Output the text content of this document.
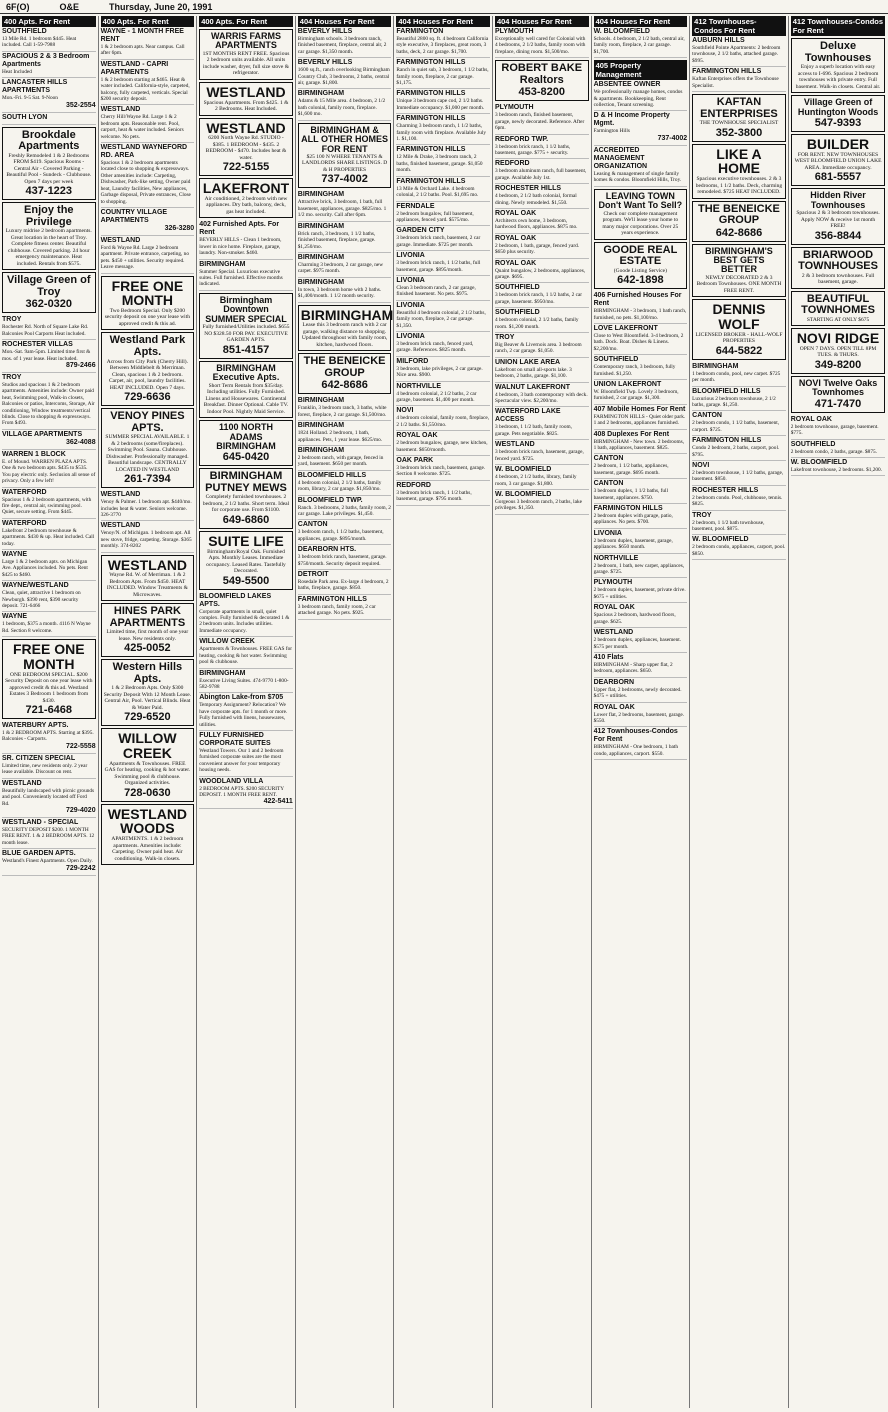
6F(O)	O&E	Thursday, June 20, 1991
400 Apts. For Rent
SOUTHFIELD

13 Mile Rd. 1 bedroom $445. Heat included. Call 1-59-7988

SPACIOUS 2 & 3 Bedroom Apartments

Heat Included

LANCASTER HILLS APARTMENTS

Mon.-Fri. 9-5 Sat. 9-Noon

352-2554
SOUTH LYON
Brookdale Apartments
Freshly Remodeled 1 & 2 Bedrooms FROM $419. Spacious Rooms - Central Air - Covered Parking - Beautiful Pool - Sundeck - Clubhouse. Open 7 days per week
437-1223
Enjoy the Privilege
Luxury midrise 2 bedroom apartments. Great location in the heart of Troy. Complete fitness center. Beautiful clubhouse. Covered parking. 24 hour emergency maintenance. Heat included. Rentals from $575.
Village Green of Troy
362-0320
TROY

Rochester Rd. North of Square Lake Rd. Balconies Pool Carports Heat included.

ROCHESTER VILLAS

Mon.-Sat. 9am-5pm. Limited time first & mos. of 1 year lease. Heat included.

879-2466
TROY

Studios and spacious 1 & 2 bedroom apartments. Amenities include: Owner paid heat, Swimming pool, Walk-in closets, Balconies or patios, Intercoms, Storage, Air conditioning, Window treatments/vertical blinds. Close to shopping & expressways. From $493.

VILLAGE APARTMENTS
362-4088
WARREN 1 BLOCK

E. of Mound. WARREN PLAZA APTS. One & two bedroom apts. $435 to $535. You pay electric only. Seclusion all sense of privacy. Only a few left!

WATERFORD

Spacious 1 & 2 bedroom apartments, with fire dept., central air, swimming pool. Quiet, secure setting. From $445.

WATERFORD

Lakefront 2 bedroom townhouse & apartments. $430 & up. Heat included. Call today.

WAYNE

Large 1 & 2 bedroom apts. on Michigan Ave. Appliances included. No pets. Rent $425 to $460.

WAYNE/WESTLAND

Clean, quiet, attractive 1 bedroom on Newburgh. $390 rent, $390 security deposit. 721-6466

WAYNE

1 bedroom, $375 a month. 4116 N Wayne Rd. Section 8 welcome.

FREE ONE MONTH
ONE BEDROOM SPECIAL. $200 Security Deposit on one year lease with approved credit & this ad. Westland Estates 3 Bedroom 1 bedroom from $430.
721-6468
WATERBURY APTS.

1 & 2 BEDROOM APTS. Starting at $395. Balconies - Carports.

722-5558
SR. CITIZEN SPECIAL

Limited time, new residents only. 2 year lease available. Discount on rent.

WESTLAND

Beautifully landscaped with picnic grounds and pool. Conveniently located off Ford Rd.

729-4020
WESTLAND - SPECIAL

SECURITY DEPOSIT $200. 1 MONTH FREE RENT. 1 & 2 BEDROOM APTS. 12 month lease.

BLUE GARDEN APTS.

Westland's Finest Apartments. Open Daily.

729-2242
400 Apts. For Rent
WAYNE - 1 MONTH FREE RENT

1 & 2 bedroom apts. Near campus. Call after 6pm.

WESTLAND - CAPRI APARTMENTS

1 & 2 bedroom starting at $465. Heat & water included. California-style, carpeted, balcony, fully carpeted, verticals. Special $200 security deposit.

WESTLAND

Cherry Hill/Wayne Rd. Large 1 & 2 bedroom apts. Reasonable rent. Pool, carport, heat & water included. Seniors welcome. No pets.

WESTLAND WAYNEFORD RD. AREA

Spacious 1 & 2 bedroom apartments located close to shopping & expressways. Other amenities include: Carpeting, Dishwasher, Park-like setting, Owner paid heat, Laundry facilities, New appliances, Garbage disposal, Private entrances, Close to shopping.

COUNTRY VILLAGE APARTMENTS
326-3280
WESTLAND

Ford & Wayne Rd. Large 2 bedroom apartment. Private entrance, carpeting, no pets. $450 + utilities. Security required. Leave message.

FREE ONE MONTH
Two Bedroom Special. Only $200 security deposit on one year lease with approved credit & this ad.
Westland Park Apts.
Across from City Park (Cherry Hill). Between Middlebelt & Merriman. Clean, spacious 1 & 2 bedroom. Carpet, air, pool, laundry facilities. HEAT INCLUDED. Open 7 days.
729-6636
VENOY PINES APTS.
SUMMER SPECIAL AVAILABLE. 1 & 2 bedrooms (some/fireplaces). Swimming Pool. Sauna. Clubhouse. Dishwasher. Professionally managed. Beautiful landscape. CENTRALLY LOCATED IN WESTLAND
261-7394
WESTLAND

Venoy & Palmer. 1 bedroom apt. $440/mo. includes heat & water. Seniors welcome. 326-3770

WESTLAND

Venoy/N. of Michigan. 1 bedroom apt. All new stove, fridge, carpeting. Storage. $365 monthly. 374-8202

WESTLAND
Wayne Rd. W. of Merriman. 1 & 2 Bedroom Apts. From $450. HEAT INCLUDED. Window Treatments & Microwaves.
HINES PARK APARTMENTS
Limited time, first month of one year lease. New residents only.
425-0052
Western Hills Apts.
1 & 2 Bedroom Apts. Only $300 Security Deposit With 12 Month Lease. Central Air, Pool. Vertical Blinds. Heat & Water Paid.
729-6520
WILLOW CREEK
Apartments & Townhouses. FREE GAS for heating, cooking & hot water. Swimming pool & clubhouse. Organized activities.
728-0630
WESTLAND WOODS
APARTMENTS. 1 & 2 bedroom apartments. Amenities include: Carpeting. Owner paid heat. Air conditioning. Walk-in closets.
400 Apts. For Rent
WARRIS FARMS APARTMENTS
1ST MONTHS RENT FREE. Spacious 2 bedroom units available. All units include washer, dryer, full size stove & refrigerator.
WESTLAND
Spacious Apartments. From $425. 1 & 2 Bedrooms. Heat Included.
WESTLAND
6200 North Wayne Rd. STUDIO - $385. 1 BEDROOM - $435. 2 BEDROOM - $470. Includes heat & water.
722-5155
LAKEFRONT
Air conditioned, 2 bedroom with new appliances. Dry bath, balcony, deck, gas heat included.
402 Furnished Apts. For Rent

BEVERLY HILLS - Clean 1 bedroom, lower in nice home. Fireplace, garage, laundry. Non-smoker. $460.

BIRMINGHAM

Summer Special. Luxurious executive suites. Full furnished. Effective months indicated.

Birmingham Downtown SUMMER SPECIAL
Fully furnished/Utilities included. $655 NO $328.50 FOR PAY. EXECUTIVE GARDEN APTS.
851-4157
BIRMINGHAM Executive Apts.
Short Term Rentals from $35/day. Including utilities. Fully Furnished. Linens and Housewares. Continental Breakfast. Dinner Optional. Cable TV. Indoor Pool. Nightly Maid Service.
1100 NORTH ADAMS BIRMINGHAM
645-0420
BIRMINGHAM PUTNEY MEWS
Completely furnished townhouses. 2 bedroom, 2 1/2 baths. Short term. Ideal for corporate use. From $1100.
649-6860
SUITE LIFE
Birmingham/Royal Oak. Furnished Apts. Monthly Leases. Immediate occupancy. Leased Rates. Tastefully Decorated.
549-5500
BLOOMFIELD LAKES APTS.

Corporate apartments in small, quiet complex. Fully furnished & decorated 1 & 2 bedroom units. Includes utilities. Immediate occupancy.

WILLOW CREEK

Apartments & Townhouses. FREE GAS for heating, cooking & hot water. Swimming pool & clubhouse.

BIRMINGHAM

Executive Living Suites. 474-9770 1-800-582-9788

Abington Lake-from $705

Temporary Assignment? Relocation? We have corporate apts. for 1 month or more. Fully furnished with linens, housewares, utilities.

FULLY FURNISHED CORPORATE SUITES

Westland Towers. Our 1 and 2 bedroom furnished corporate suites are the most convenient answer for your temporary housing needs.

WOODLAND VILLA

2 BEDROOM APTS. $200 SECURITY DEPOSIT. 1 MONTH FREE RENT.

422-5411
404 Houses For Rent
BEVERLY HILLS

Birmingham schools. 3 bedroom ranch, finished basement, fireplace, central air, 2 car garage. $1,350 month.

BEVERLY HILLS

1600 sq.ft., ranch overlooking Birmingham Country Club, 3 bedrooms, 2 baths, central air, garage. $1,800.

BIRMINGHAM

Adams & 15 Mile area. 4 bedroom, 2 1/2 bath colonial, family room, fireplace. $1,600 mo.

BIRMINGHAM & ALL OTHER HOMES FOR RENT
$25 100 N WHERE TENANTS & LANDLORDS SHARE LISTINGS. D & H PROPERTIES
737-4002
BIRMINGHAM

Attractive brick, 3 bedroom, 1 bath, full basement, appliances, garage. $825/mo. 1 1/2 mo. security. Call after 6pm.

BIRMINGHAM

Brick ranch, 3 bedroom, 1 1/2 baths, finished basement, fireplace, garage. $1,250/mo.

BIRMINGHAM

Charming 3 bedroom, 2 car garage, new carpet. $975 month.

BIRMINGHAM

In town, 3 bedroom home with 2 baths. $1,400/month. 1 1/2 month security.

BIRMINGHAM
Lease this 3 bedroom ranch with 2 car garage, walking distance to shopping. Updated throughout with family room, kitchen, hardwood floors.
THE BENEICKE GROUP
642-8686
BIRMINGHAM

Franklin, 3 bedroom ranch, 3 baths, white forest, fireplace, 2 car garage. $1,500/mo.

BIRMINGHAM

1824 Holland. 2 bedroom, 1 bath, appliances. Pets, 1 year lease. $625/mo.

BIRMINGHAM

2 bedroom ranch, with garage, fenced in yard, basement. $650 per month.

BLOOMFIELD HILLS

4 bedroom colonial, 2 1/2 baths, family room, library, 2 car garage. $1,850/mo.

BLOOMFIELD TWP.

Ranch. 3 bedrooms, 2 baths, family room, 2 car garage. Lake privileges. $1,450.

CANTON

3 bedroom ranch, 1 1/2 baths, basement, appliances, garage. $895/month.

DEARBORN HTS.

3 bedroom brick ranch, basement, garage. $750/month. Security deposit required.

DETROIT

Rosedale Park area. Ex-large 4 bedroom, 2 baths, fireplace, garage. $850.

FARMINGTON HILLS

3 bedroom ranch, family room, 2 car attached garage. No pets. $925.

404 Houses For Rent
FARMINGTON

Beautiful 2800 sq. ft. 4 bedroom California style executive, 3 fireplaces, great room, 3 baths, deck, 2 car garage. $1,700.

FARMINGTON HILLS

Ranch in quiet sub, 3 bedroom, 1 1/2 baths, family room, fireplace, 2 car garage. $1,175.

FARMINGTON HILLS

Unique 3 bedroom cape cod, 2 1/2 baths. Immediate occupancy. $1,000 per month.

FARMINGTON HILLS

Charming 3 bedroom ranch, 1 1/2 baths, family room with fireplace. Available July 1. $1,100.

FARMINGTON HILLS

12 Mile & Drake, 3 bedroom ranch, 2 baths, finished basement, garage. $1,050 month.

FARMINGTON HILLS

13 Mile & Orchard Lake. 4 bedroom colonial, 2 1/2 baths. Pool. $1,695 mo.

FERNDALE

2 bedroom bungalow, full basement, appliances, fenced yard. $575/mo.

GARDEN CITY

3 bedroom brick ranch, basement, 2 car garage. Immediate. $725 per month.

LIVONIA

3 bedroom brick ranch, 1 1/2 baths, full basement, garage. $895/month.

LIVONIA

Clean 3 bedroom ranch, 2 car garage, finished basement. No pets. $975.

LIVONIA

Beautiful 4 bedroom colonial, 2 1/2 baths, family room, fireplace, 2 car garage. $1,350.

LIVONIA

3 bedroom brick ranch, fenced yard, garage. References. $825 month.

MILFORD

3 bedroom, lake privileges, 2 car garage. Nice area. $900.

NORTHVILLE

4 bedroom colonial, 2 1/2 baths, 2 car garage, basement. $1,400 per month.

NOVI

4 bedroom colonial, family room, fireplace, 2 1/2 baths. $1,550/mo.

ROYAL OAK

2 bedroom bungalow, garage, new kitchen, basement. $650/month.

OAK PARK

3 bedroom brick ranch, basement, garage. Section 8 welcome. $725.

REDFORD

3 bedroom brick ranch, 1 1/2 baths, basement, garage. $795 month.

404 Houses For Rent
PLYMOUTH

Exceptionally well cared for Colonial with 4 bedrooms, 2 1/2 baths, family room with fireplace, dining room. $1,500/mo.

ROBERT BAKE Realtors
453-8200
PLYMOUTH

3 bedroom ranch, finished basement, garage, newly decorated. Reference. After 6pm.

REDFORD TWP.

3 bedroom brick ranch, 1 1/2 baths, basement, garage. $775 + security.

REDFORD

3 bedroom aluminum ranch, full basement, garage. Available July 1st.

ROCHESTER HILLS

4 bedroom, 2 1/2 bath colonial, formal dining. Newly remodeled. $1,550.

ROYAL OAK

Architects own home, 3 bedroom, hardwood floors, appliances. $875 mo.

ROYAL OAK

2 bedroom, 1 bath, garage, fenced yard. $650 plus security.

ROYAL OAK

Quaint bungalow, 2 bedrooms, appliances, garage. $695.

SOUTHFIELD

3 bedroom brick ranch, 1 1/2 baths, 2 car garage, basement. $950/mo.

SOUTHFIELD

4 bedroom colonial, 2 1/2 baths, family room. $1,200 month.

TROY

Big Beaver & Livernois area. 3 bedroom ranch, 2 car garage. $1,050.

UNION LAKE AREA

Lakefront on small all-sports lake. 3 bedroom, 2 baths, garage. $1,100.

WALNUT LAKEFRONT

4 bedroom, 3 bath contemporary with deck. Spectacular view. $2,200/mo.

WATERFORD LAKE ACCESS

3 bedroom, 1 1/2 bath, family room, garage. Pets negotiable. $825.

WESTLAND

3 bedroom brick ranch, basement, garage, fenced yard. $725.

W. BLOOMFIELD

4 bedroom, 2 1/2 baths, library, family room, 3 car garage. $1,800.

W. BLOOMFIELD

Gorgeous 3 bedroom ranch, 2 baths, lake privileges. $1,350.

404 Houses For Rent
W. BLOOMFIELD

Schools. 4 bedroom, 2 1/2 bath, central air, family room, fireplace, 2 car garage. $1,700.

405 Property Management
ABSENTEE OWNER

We professionally manage homes, condos & apartments. Bookkeeping, Rent collection, Tenant screening.

D & H Income Property Mgmt.

Farmington Hills

737-4002
ACCREDITED MANAGEMENT ORGANIZATION

Leasing & management of single family homes & condos. Bloomfield Hills, Troy.

LEAVING TOWN Don't Want To Sell?
Check our complete management program. We'll lease your home to many major corporations. Over 25 years experience.
GOODE REAL ESTATE
(Goode Listing Service)
642-1898
406 Furnished Houses For Rent

BIRMINGHAM - 3 bedroom, 1 bath ranch, furnished, no pets. $1,100/mo.

LOVE LAKEFRONT

Close to West Bloomfield. 3-4 bedroom, 2 bath. Dock. Boat. Dishes & Linens. $2,200/mo.

SOUTHFIELD

Contemporary ranch, 3 bedroom, fully furnished. $1,250.

UNION LAKEFRONT

W. Bloomfield Twp. Lovely 3 bedroom, furnished, 2 car garage. $1,300.

407 Mobile Homes For Rent

FARMINGTON HILLS - Quiet older park. 1 and 2 bedrooms, appliances furnished.

408 Duplexes For Rent

BIRMINGHAM - New town. 2 bedrooms, 1 bath, appliances, basement. $825.

CANTON

2 bedroom, 1 1/2 baths, appliances, basement, garage. $695 month.

CANTON

3 bedroom duplex, 1 1/2 baths, full basement, appliances. $750.

FARMINGTON HILLS

2 bedroom duplex with garage, patio, appliances. No pets. $700.

LIVONIA

2 bedroom duplex, basement, garage, appliances. $650 month.

NORTHVILLE

2 bedroom, 1 bath, new carpet, appliances, garage. $725.

PLYMOUTH

2 bedroom duplex, basement, private drive. $675 + utilities.

ROYAL OAK

Spacious 2 bedroom, hardwood floors, garage. $625.

WESTLAND

2 bedroom duplex, appliances, basement. $575 per month.

410 Flats

BIRMINGHAM - Sharp upper flat, 2 bedroom, appliances. $650.

DEARBORN

Upper flat, 2 bedrooms, newly decorated. $475 + utilities.

ROYAL OAK

Lower flat, 2 bedrooms, basement, garage. $550.

412 Townhouses-Condos For Rent

BIRMINGHAM - One bedroom, 1 bath condo, appliances, carport. $550.

412 Townhouses-Condos For Rent
AUBURN HILLS

Southfield Pointe Apartments: 2 bedroom townhouse, 2 1/2 baths, attached garage. $995.

FARMINGTON HILLS

Kaftan Enterprises offers the Townhouse Specialist.

KAFTAN ENTERPRISES
THE TOWNHOUSE SPECIALIST
352-3800
LIKE A HOME
Spacious executive townhouses. 2 & 3 bedrooms, 1 1/2 baths. Deck, charming remodeled. $725 HEAT INCLUDED.
THE BENEICKE GROUP
642-8686
BIRMINGHAM'S BEST GETS BETTER
NEWLY DECORATED 2 & 3 Bedroom Townhouses. ONE MONTH FREE RENT.
DENNIS WOLF
LICENSED BROKER - HALL-WOLF PROPERTIES
644-5822
BIRMINGHAM

1 bedroom condo, pool, new carpet. $725 per month.

BLOOMFIELD HILLS

Luxurious 2 bedroom townhouse, 2 1/2 baths, garage. $1,250.

CANTON

2 bedroom condo, 1 1/2 baths, basement, carport. $725.

FARMINGTON HILLS

Condo 2 bedroom, 2 baths, carport, pool. $795.

NOVI

2 bedroom townhouse, 1 1/2 baths, garage, basement. $850.

ROCHESTER HILLS

2 bedroom condo. Pool, clubhouse, tennis. $825.

TROY

2 bedroom, 1 1/2 bath townhouse, basement, pool. $875.

W. BLOOMFIELD

2 bedroom condo, appliances, carport, pool. $850.

412 Townhouses-Condos For Rent
Deluxe Townhouses
Enjoy a superb location with easy access to I-696. Spacious 2 bedroom townhouses with private entry. Full basement. Walk-in closets. Central air.
Village Green of Huntington Woods
547-9393
BUILDER
FOR RENT. NEW TOWNHOUSES WEST BLOOMFIELD UNION LAKE AREA. Immediate occupancy.
681-5557
Hidden River Townhouses
Spacious 2 & 3 bedroom townhouses. Apply NOW & receive 1st month FREE!
356-8844
BRIARWOOD TOWNHOUSES
2 & 3 bedroom townhouses. Full basement, garage.
BEAUTIFUL TOWNHOMES
STARTING AT ONLY $675
NOVI RIDGE
OPEN 7 DAYS. OPEN TILL 8PM TUES. & THURS.
349-8200
NOVI Twelve Oaks Townhomes
471-7470
ROYAL OAK

2 bedroom townhouse, garage, basement. $775.

SOUTHFIELD

2 bedroom condo, 2 baths, garage. $875.

W. BLOOMFIELD

Lakefront townhouse, 2 bedrooms. $1,200.
